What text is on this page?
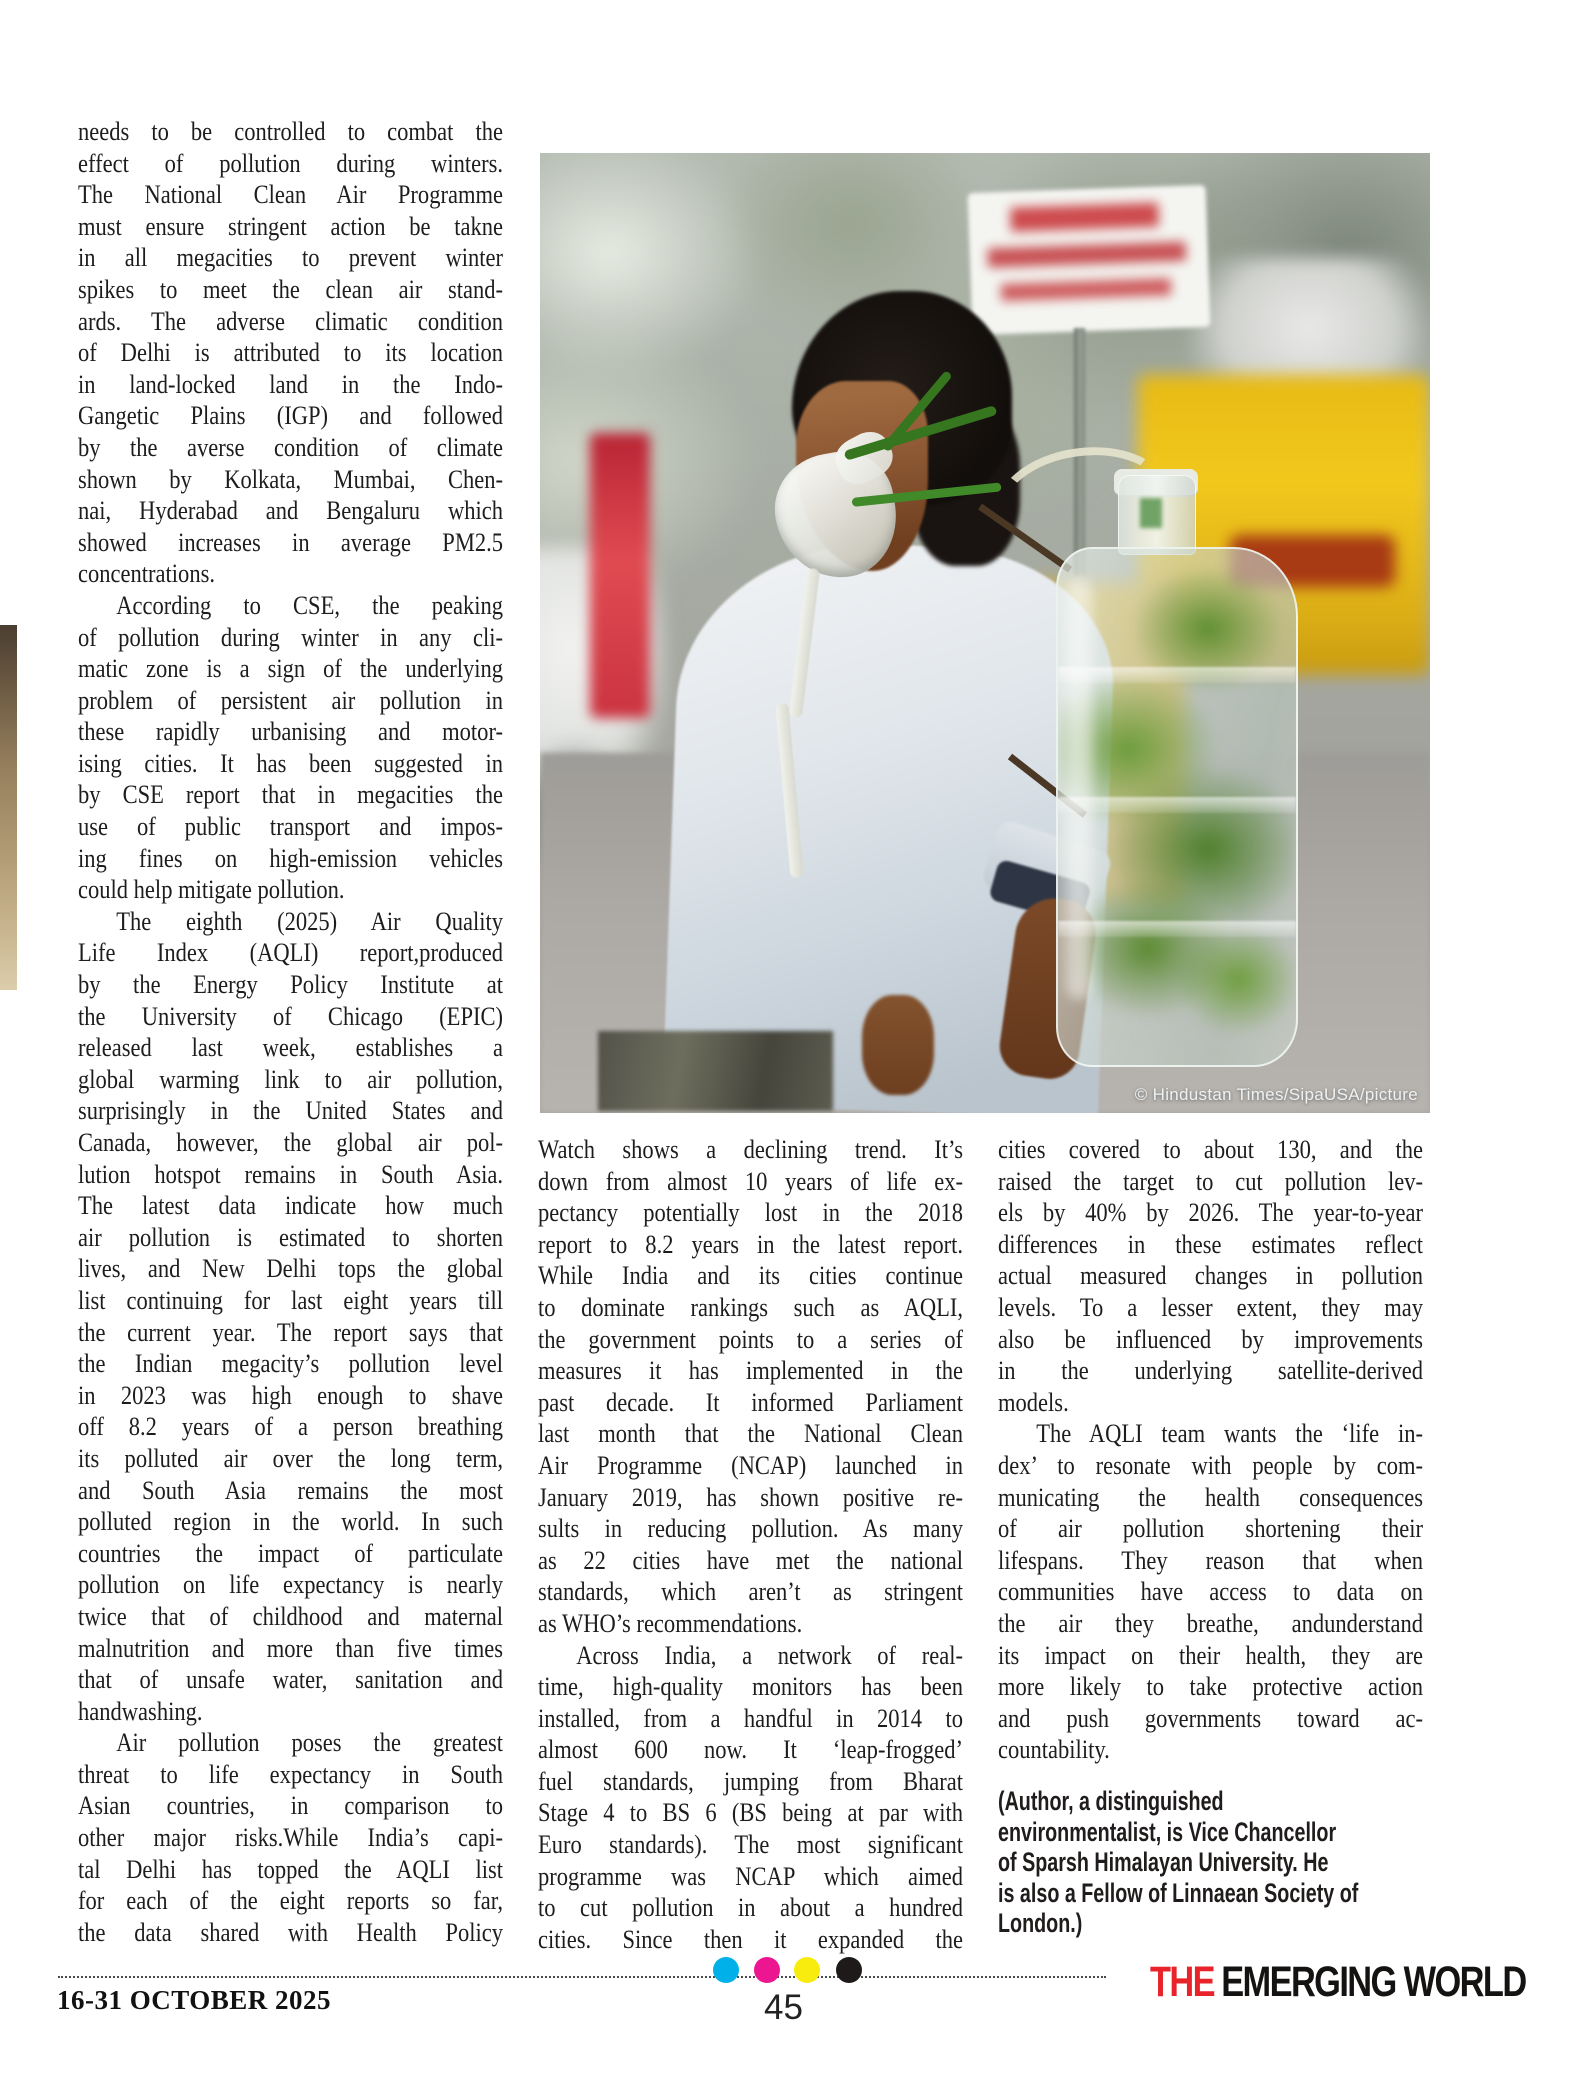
needs to be controlled to combat the
effect of pollution during winters.
The National Clean Air Programme
must ensure stringent action be takne
in all megacities to prevent winter
spikes to meet the clean air stand-
ards. The adverse climatic condition
of Delhi is attributed to its location
in land-locked land in the Indo-
Gangetic Plains (IGP) and followed
by the averse condition of climate
shown by Kolkata, Mumbai, Chen-
nai, Hyderabad and Bengaluru which
showed increases in average PM2.5
concentrations.
According to CSE, the peaking
of pollution during winter in any cli-
matic zone is a sign of the underlying
problem of persistent air pollution in
these rapidly urbanising and motor-
ising cities. It has been suggested in
by CSE report that in megacities the
use of public transport and impos-
ing fines on high-emission vehicles
could help mitigate pollution.
The eighth (2025) Air Quality
Life Index (AQLI) report,produced
by the Energy Policy Institute at
the University of Chicago (EPIC)
released last week, establishes a
global warming link to air pollution,
surprisingly in the United States and
Canada, however, the global air pol-
lution hotspot remains in South Asia.
The latest data indicate how much
air pollution is estimated to shorten
lives, and New Delhi tops the global
list continuing for last eight years till
the current year. The report says that
the Indian megacity’s pollution level
in 2023 was high enough to shave
off 8.2 years of a person breathing
its polluted air over the long term,
and South Asia remains the most
polluted region in the world. In such
countries the impact of particulate
pollution on life expectancy is nearly
twice that of childhood and maternal
malnutrition and more than five times
that of unsafe water, sanitation and
handwashing.
Air pollution poses the greatest
threat to life expectancy in South
Asian countries, in comparison to
other major risks.While India’s capi-
tal Delhi has topped the AQLI list
for each of the eight reports so far,
the data shared with Health Policy
© Hindustan Times/SipaUSA/picture
Watch shows a declining trend. It’s
down from almost 10 years of life ex-
pectancy potentially lost in the 2018
report to 8.2 years in the latest report.
While India and its cities continue
to dominate rankings such as AQLI,
the government points to a series of
measures it has implemented in the
past decade. It informed Parliament
last month that the National Clean
Air Programme (NCAP) launched in
January 2019, has shown positive re-
sults in reducing pollution. As many
as 22 cities have met the national
standards, which aren’t as stringent
as WHO’s recommendations.
Across India, a network of real-
time, high-quality monitors has been
installed, from a handful in 2014 to
almost 600 now. It ‘leap-frogged’
fuel standards, jumping from Bharat
Stage 4 to BS 6 (BS being at par with
Euro standards). The most significant
programme was NCAP which aimed
to cut pollution in about a hundred
cities. Since then it expanded the
cities covered to about 130, and the
raised the target to cut pollution lev-
els by 40% by 2026. The year-to-year
differences in these estimates reflect
actual measured changes in pollution
levels. To a lesser extent, they may
also be influenced by improvements
in the underlying satellite-derived
models.
The AQLI team wants the ‘life in-
dex’ to resonate with people by com-
municating the health consequences
of air pollution shortening their
lifespans. They reason that when
communities have access to data on
the air they breathe, andunderstand
its impact on their health, they are
more likely to take protective action
and push governments toward ac-
countability.
(Author, a distinguished
environmentalist, is Vice Chancellor
of Sparsh Himalayan University. He
is also a Fellow of Linnaean Society of
London.)
16-31 OCTOBER 2025	45
THE EMERGING WORLD
